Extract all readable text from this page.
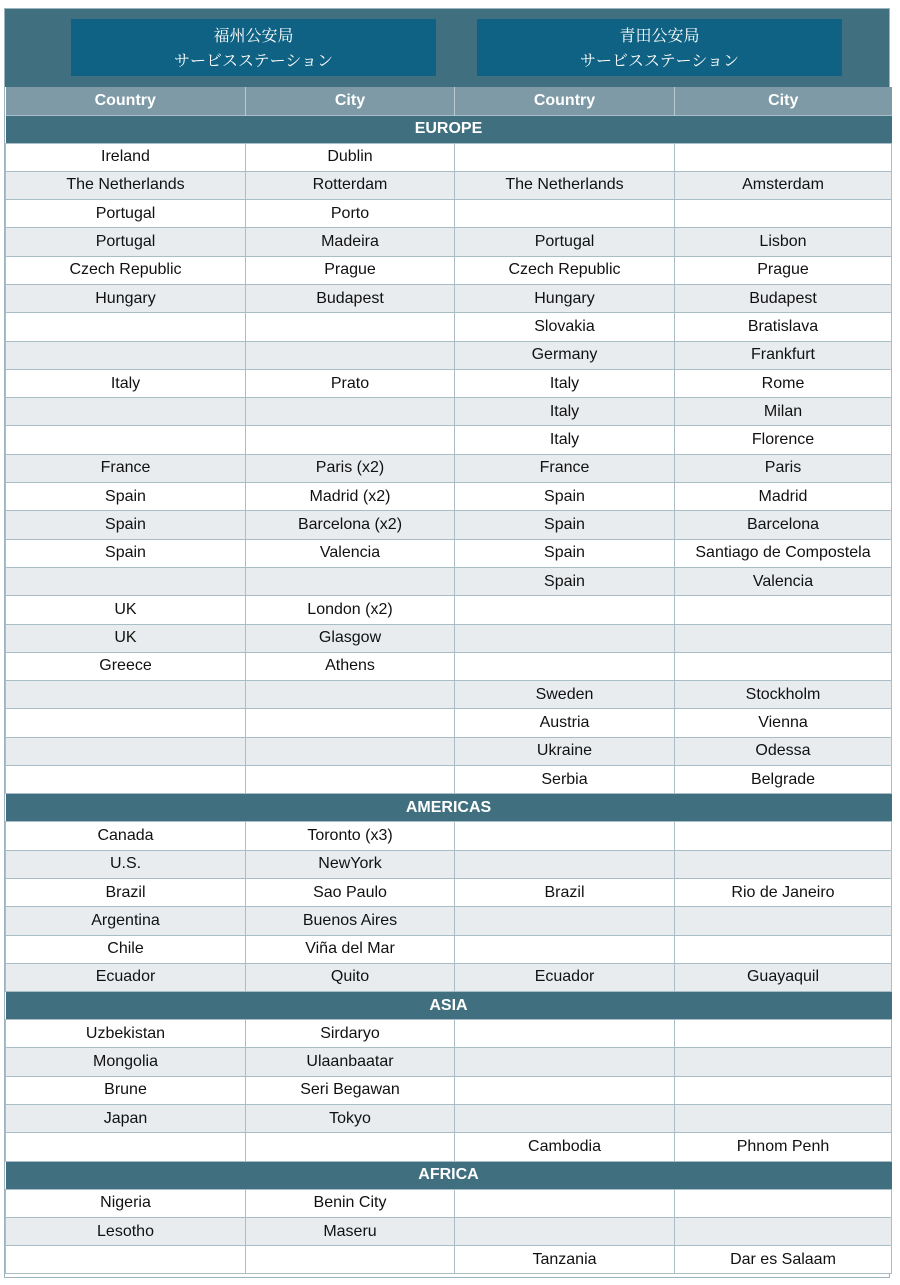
福州公安局
サービスステーション
青田公安局
サービスステーション
Country	City	Country	City
EUROPE			
Ireland	Dublin		
The Netherlands	Rotterdam	The Netherlands	Amsterdam
Portugal	Porto		
Portugal	Madeira	Portugal	Lisbon
Czech Republic	Prague	Czech Republic	Prague
Hungary	Budapest	Hungary	Budapest
		Slovakia	Bratislava
		Germany	Frankfurt
Italy	Prato	Italy	Rome
		Italy	Milan
		Italy	Florence
France	Paris (x2)	France	Paris
Spain	Madrid (x2)	Spain	Madrid
Spain	Barcelona (x2)	Spain	Barcelona
Spain	Valencia	Spain	Santiago de Compostela
		Spain	Valencia
UK	London (x2)		
UK	Glasgow		
Greece	Athens		
		Sweden	Stockholm
		Austria	Vienna
		Ukraine	Odessa
		Serbia	Belgrade
AMERICAS			
Canada	Toronto (x3)		
U.S.	NewYork		
Brazil	Sao Paulo	Brazil	Rio de Janeiro
Argentina	Buenos Aires		
Chile	Viña del Mar		
Ecuador	Quito	Ecuador	Guayaquil
ASIA			
Uzbekistan	Sirdaryo		
Mongolia	Ulaanbaatar		
Brune	Seri Begawan		
Japan	Tokyo		
		Cambodia	Phnom Penh
AFRICA			
Nigeria	Benin City		
Lesotho	Maseru		
		Tanzania	Dar es Salaam
